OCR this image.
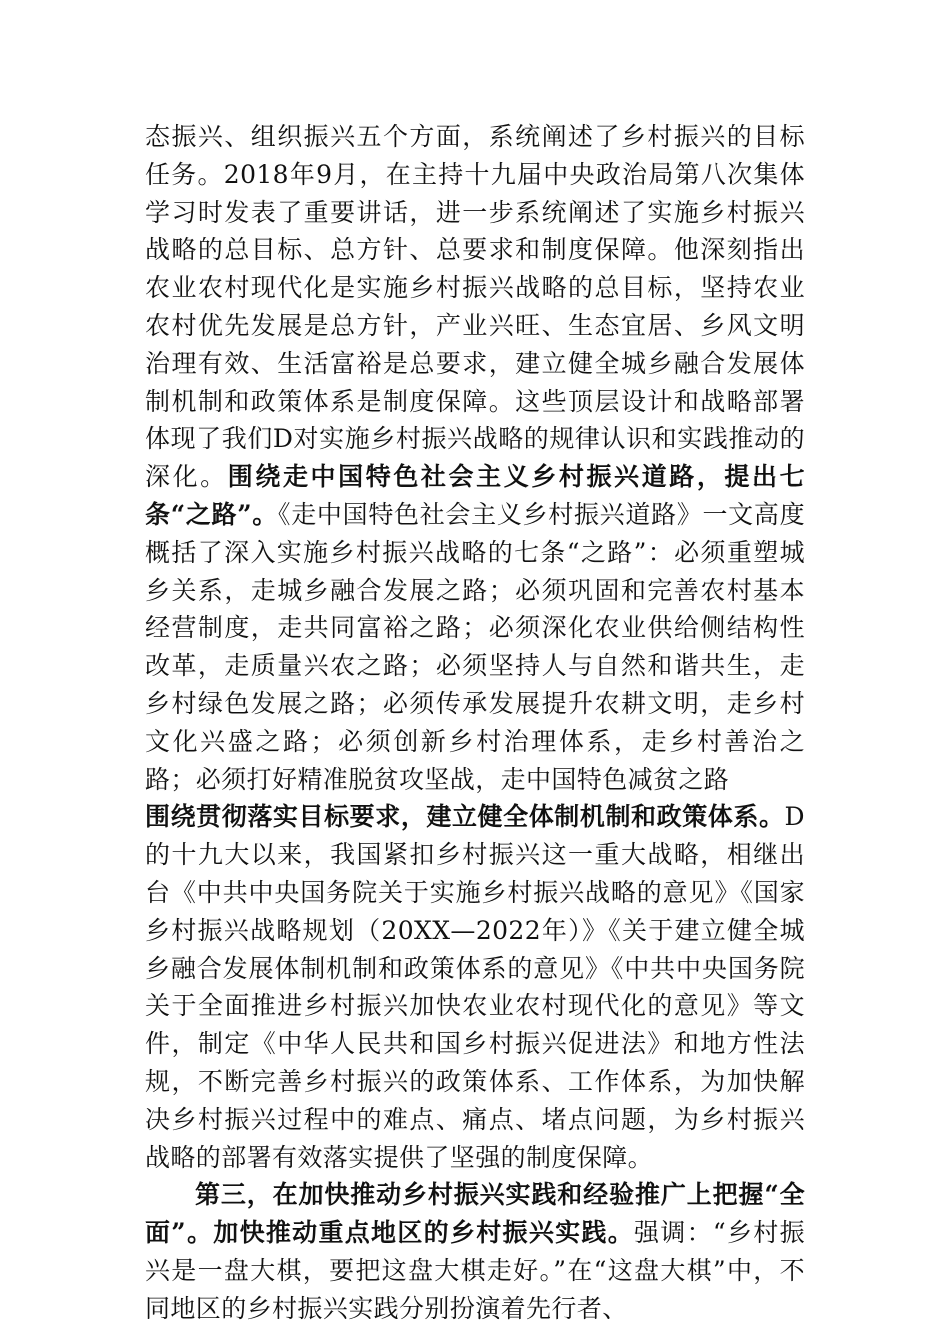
态振兴、组织振兴五个方面，系统阐述了乡村振兴的目标任务。2018年9月，在主持十九届中央政治局第八次集体学习时发表了重要讲话，进一步系统阐述了实施乡村振兴战略的总目标、总方针、总要求和制度保障。他深刻指出农业农村现代化是实施乡村振兴战略的总目标，坚持农业农村优先发展是总方针，产业兴旺、生态宜居、乡风文明治理有效、生活富裕是总要求，建立健全城乡融合发展体制机制和政策体系是制度保障。这些顶层设计和战略部署体现了我们D对实施乡村振兴战略的规律认识和实践推动的深化。围绕走中国特色社会主义乡村振兴道路，提出七条“之路”。《走中国特色社会主义乡村振兴道路》一文高度概括了深入实施乡村振兴战略的七条“之路”：必须重塑城乡关系，走城乡融合发展之路；必须巩固和完善农村基本经营制度，走共同富裕之路；必须深化农业供给侧结构性改革，走质量兴农之路；必须坚持人与自然和谐共生，走乡村绿色发展之路；必须传承发展提升农耕文明，走乡村文化兴盛之路；必须创新乡村治理体系，走乡村善治之路；必须打好精准脱贫攻坚战，走中国特色减贫之路
围绕贯彻落实目标要求，建立健全体制机制和政策体系。D的十九大以来，我国紧扣乡村振兴这一重大战略，相继出台《中共中央国务院关于实施乡村振兴战略的意见》《国家乡村振兴战略规划（20XX—2022年）》《关于建立健全城乡融合发展体制机制和政策体系的意见》《中共中央国务院关于全面推进乡村振兴加快农业农村现代化的意见》等文件，制定《中华人民共和国乡村振兴促进法》和地方性法规，不断完善乡村振兴的政策体系、工作体系，为加快解决乡村振兴过程中的难点、痛点、堵点问题，为乡村振兴战略的部署有效落实提供了坚强的制度保障。

第三，在加快推动乡村振兴实践和经验推广上把握“全面”。加快推动重点地区的乡村振兴实践。强调：“乡村振兴是一盘大棋，要把这盘大棋走好。”在“这盘大棋”中，不同地区的乡村振兴实践分别扮演着先行者、
